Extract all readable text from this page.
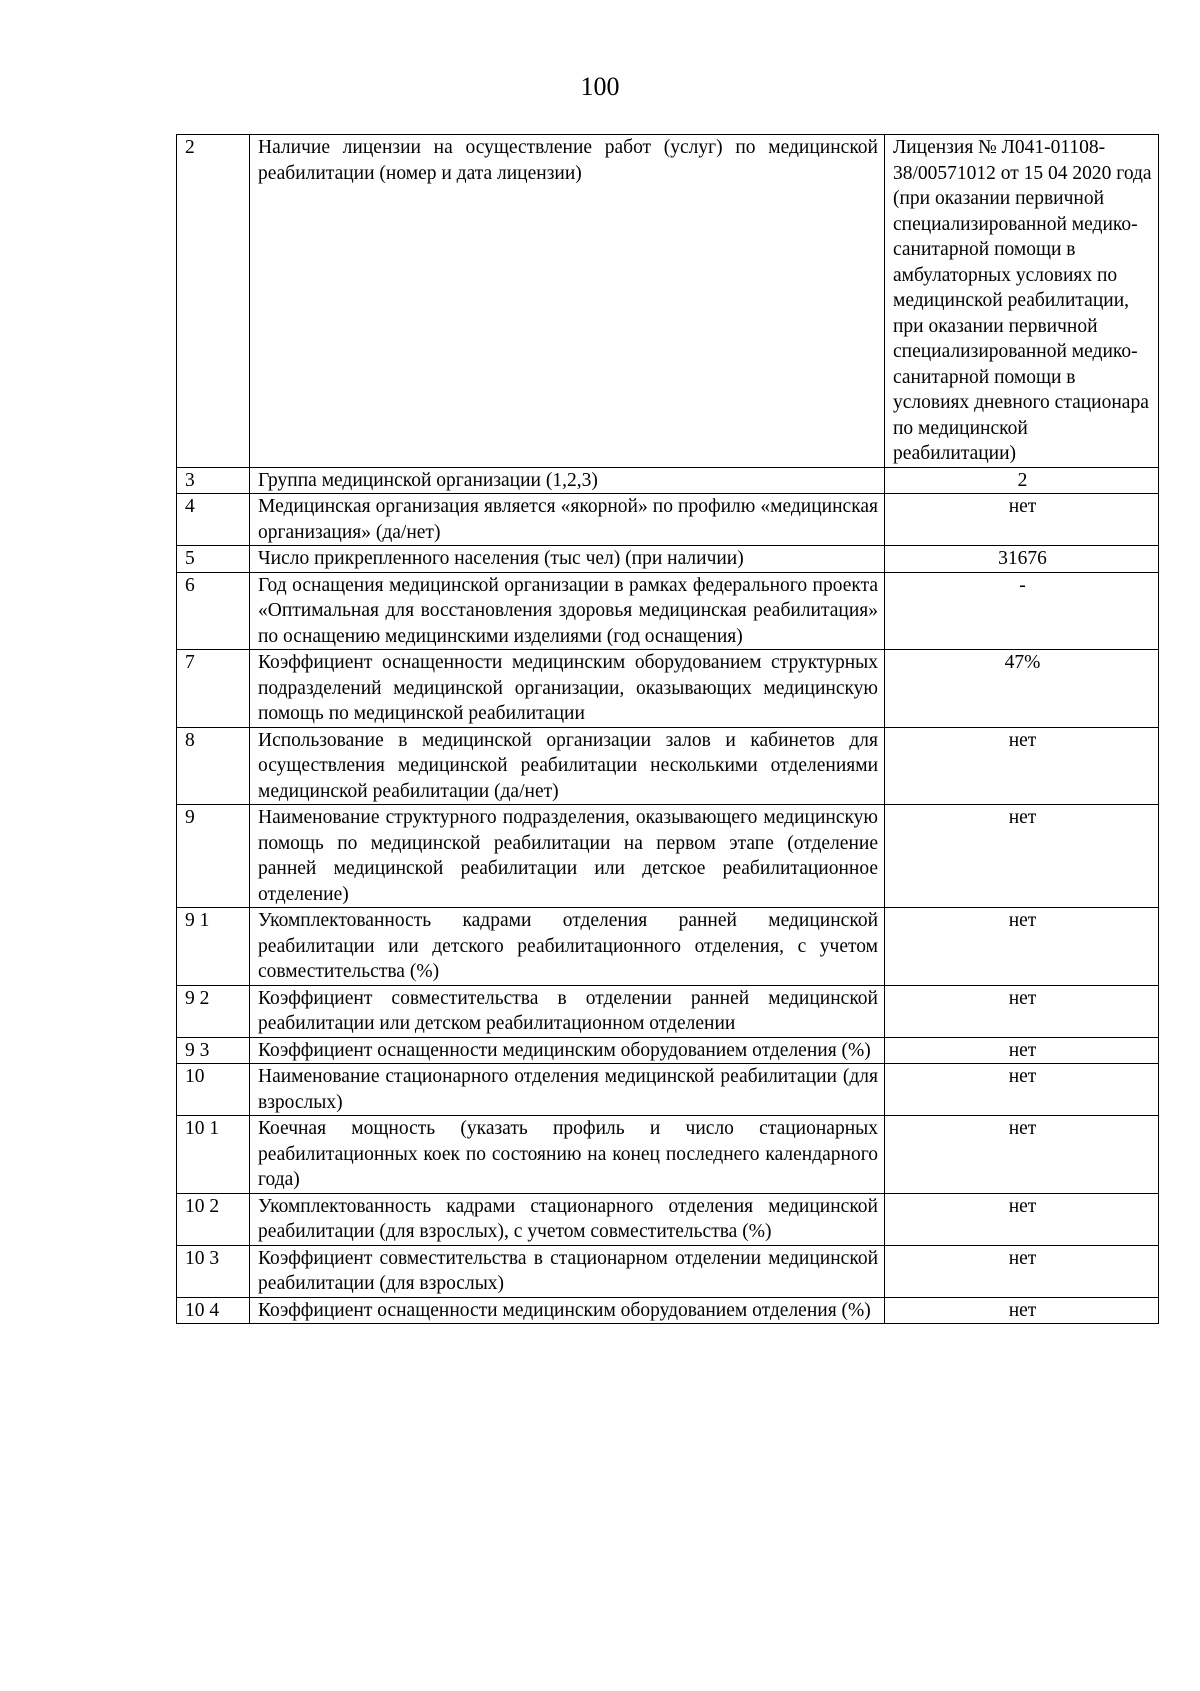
100
2	Наличие лицензии на осуществление работ (услуг) по медицинской реабилитации (номер и дата лицензии)	Лицензия № Л041-01108-38/00571012 от 15 04 2020 года (при оказании первичной специализированной медико-санитарной помощи в амбулаторных условиях по медицинской реабилитации, при оказании первичной специализированной медико-санитарной помощи в условиях дневного стационара по медицинской реабилитации)
3	Группа медицинской организации (1,2,3)	2
4	Медицинская организация является «якорной» по профилю «медицинская организация» (да/нет)	нет
5	Число прикрепленного населения (тыс чел) (при наличии)	31676
6	Год оснащения медицинской организации в рамках федерального проекта «Оптимальная для восстановления здоровья медицинская реабилитация» по оснащению медицинскими изделиями (год оснащения)	-
7	Коэффициент оснащенности медицинским оборудованием структурных подразделений медицинской организации, оказывающих медицинскую помощь по медицинской реабилитации	47%
8	Использование в медицинской организации залов и кабинетов для осуществления медицинской реабилитации несколькими отделениями медицинской реабилитации (да/нет)	нет
9	Наименование структурного подразделения, оказывающего медицинскую помощь по медицинской реабилитации на первом этапе (отделение ранней медицинской реабилитации или детское реабилитационное отделение)	нет
9 1	Укомплектованность кадрами отделения ранней медицинской реабилитации или детского реабилитационного отделения, с учетом совместительства (%)	нет
9 2	Коэффициент совместительства в отделении ранней медицинской реабилитации или детском реабилитационном отделении	нет
9 3	Коэффициент оснащенности медицинским оборудованием отделения (%)	нет
10	Наименование стационарного отделения медицинской реабилитации (для взрослых)	нет
10 1	Коечная мощность (указать профиль и число стационарных реабилитационных коек по состоянию на конец последнего календарного года)	нет
10 2	Укомплектованность кадрами стационарного отделения медицинской реабилитации (для взрослых), с учетом совместительства (%)	нет
10 3	Коэффициент совместительства в стационарном отделении медицинской реабилитации (для взрослых)	нет
10 4	Коэффициент оснащенности медицинским оборудованием отделения (%)	нет
